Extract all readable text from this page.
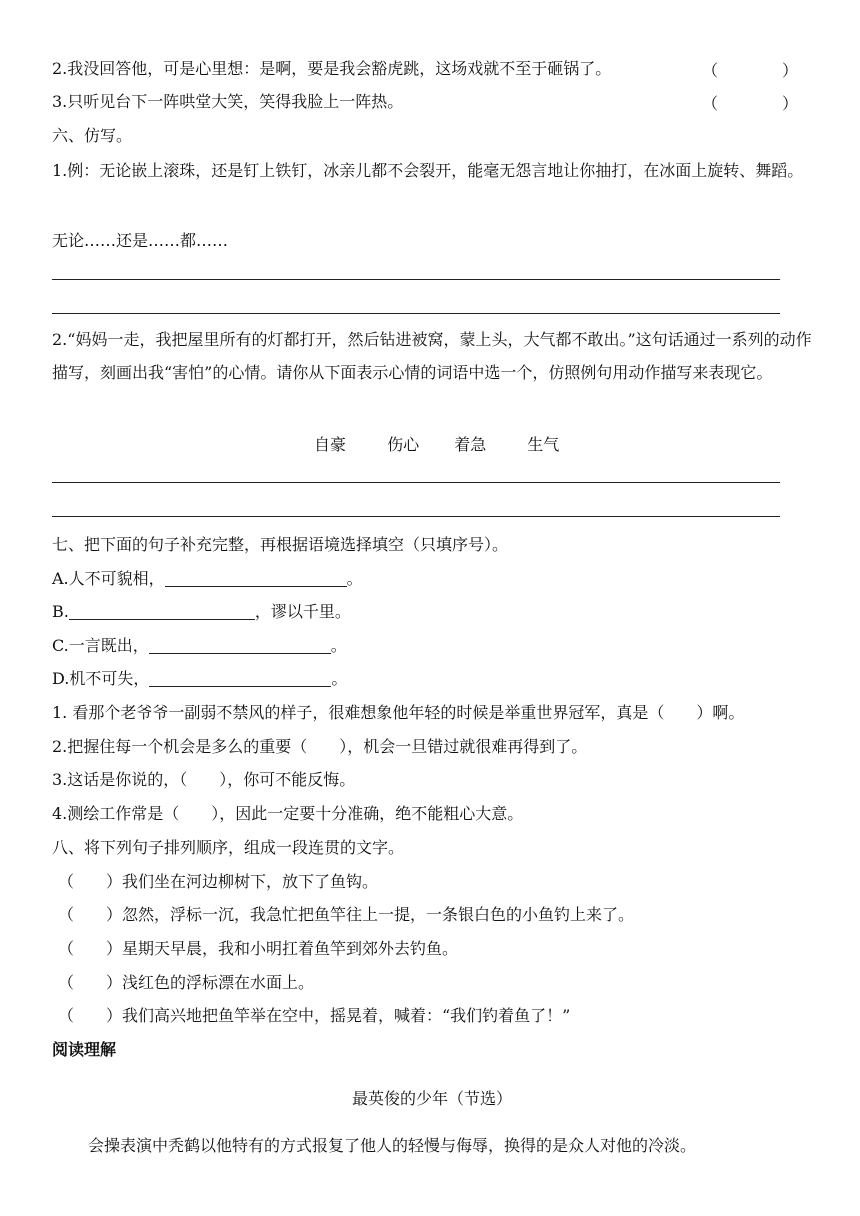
2.我没回答他，可是心里想：是啊，要是我会豁虎跳，这场戏就不至于砸锅了。	（　　　　）
3.只听见台下一阵哄堂大笑，笑得我脸上一阵热。	（　　　　）
六、仿写。
1.例：无论嵌上滚珠，还是钉上铁钉，冰亲儿都不会裂开，能毫无怨言地让你抽打，在冰面上旋转、舞蹈。
无论……还是……都……
2.“妈妈一走，我把屋里所有的灯都打开，然后钻进被窝，蒙上头，大气都不敢出。”这句话通过一系列的动作描写，刻画出我“害怕”的心情。请你从下面表示心情的词语中选一个，仿照例句用动作描写来表现它。
自豪	伤心 着急	生气
七、把下面的句子补充完整，再根据语境选择填空（只填序号）。
A.人不可貌相，	。
B.	，谬以千里。
C.一言既出，	。
D.机不可失，	。
1. 看那个老爷爷一副弱不禁风的样子，很难想象他年轻的时候是举重世界冠军，真是（　　）啊。
2.把握住每一个机会是多么的重要（　　），机会一旦错过就很难再得到了。
3.这话是你说的，（　　），你可不能反悔。
4.测绘工作常是（　　），因此一定要十分准确，绝不能粗心大意。
八、将下列句子排列顺序，组成一段连贯的文字。
（　　）我们坐在河边柳树下，放下了鱼钩。
（　　）忽然，浮标一沉，我急忙把鱼竿往上一提，一条银白色的小鱼钓上来了。
（　　）星期天早晨，我和小明扛着鱼竿到郊外去钓鱼。
（　　）浅红色的浮标漂在水面上。
（　　）我们高兴地把鱼竿举在空中，摇晃着，喊着：“我们钓着鱼了！”
阅读理解
最英俊的少年（节选）
会操表演中秃鹤以他特有的方式报复了他人的轻慢与侮辱，换得的是众人对他的冷淡。
